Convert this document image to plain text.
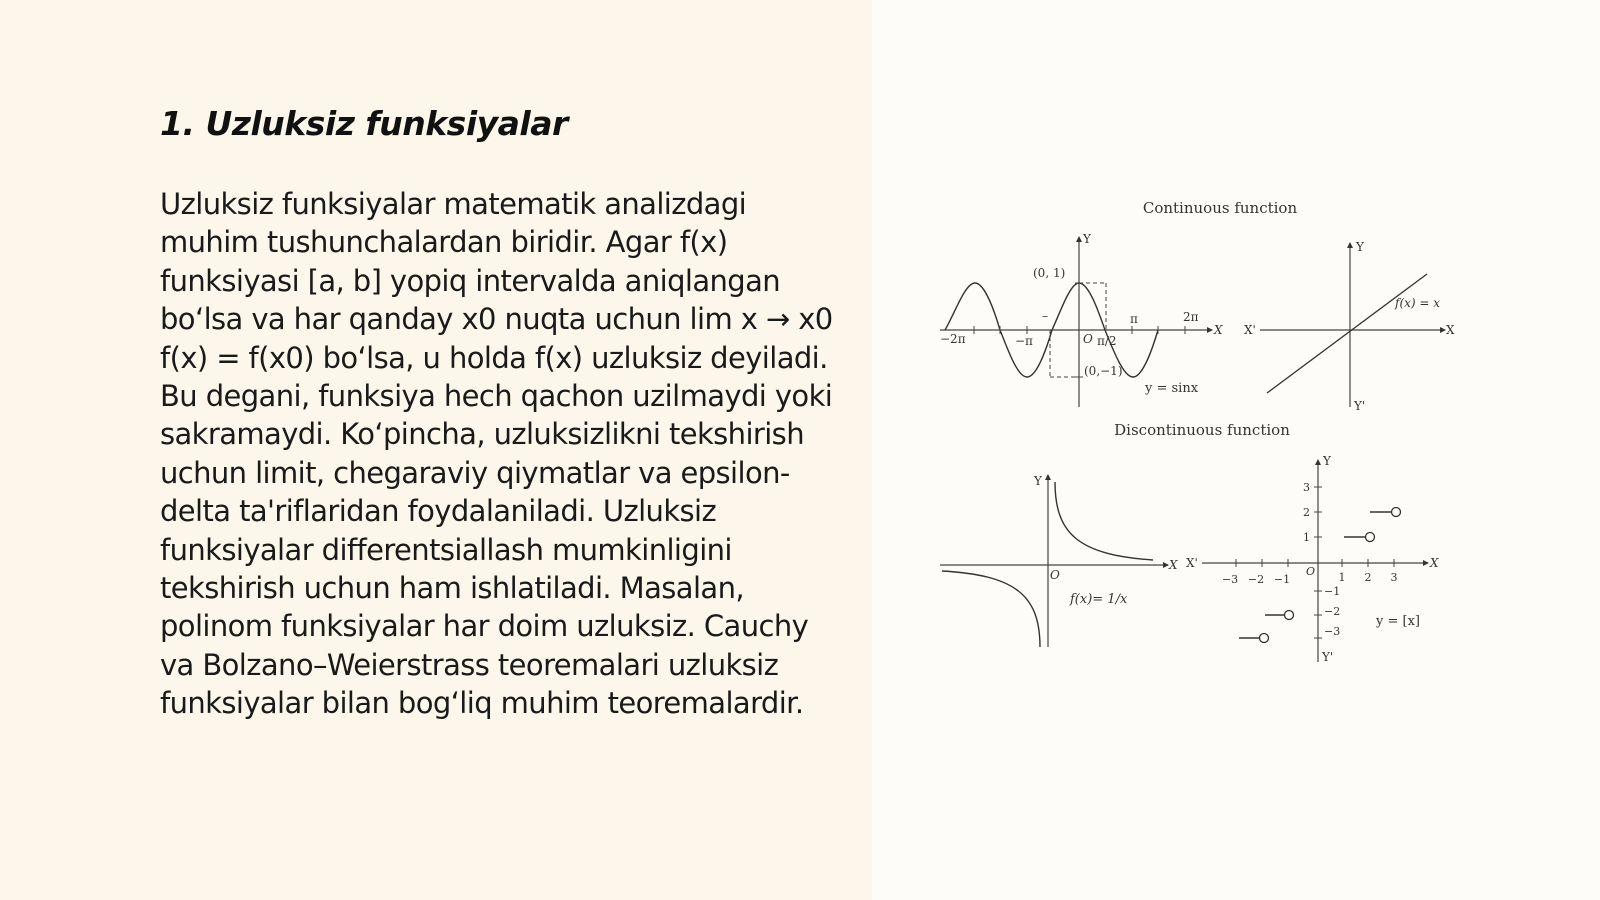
1. Uzluksiz funksiyalar

Uzluksiz funksiyalar matematik analizdagi muhim tushunchalardan biridir. Agar f(x) funksiyasi [a, b] yopiq intervalda aniqlangan bo‘lsa va har qanday x0 nuqta uchun lim x → x0 f(x) = f(x0) bo‘lsa, u holda f(x) uzluksiz deyiladi. Bu degani, funksiya hech qachon uzilmaydi yoki sakramaydi. Ko‘pincha, uzluksizlikni tekshirish uchun limit, chegaraviy qiymatlar va epsilon-delta ta'riflaridan foydalaniladi. Uzluksiz funksiyalar differentsiallash mumkinligini tekshirish uchun ham ishlatiladi. Masalan, polinom funksiyalar har doim uzluksiz. Cauchy va Bolzano–Weierstrass teoremalari uzluksiz funksiyalar bilan bog‘liq muhim teoremalardir.

Continuous function
Discontinuous function
Y
X
(0, 1)
(0,−1)
O
−2π	−π
π	2π
π/2
–
y = sinx
Y
X
X'
Y'
f(x) = x
Y
X
O
f(x)= 1/x
Y
X
X'
Y'
O
−3 −2 −1	1 2 3
3
2
1
−1
−2
−3
y = [x]
